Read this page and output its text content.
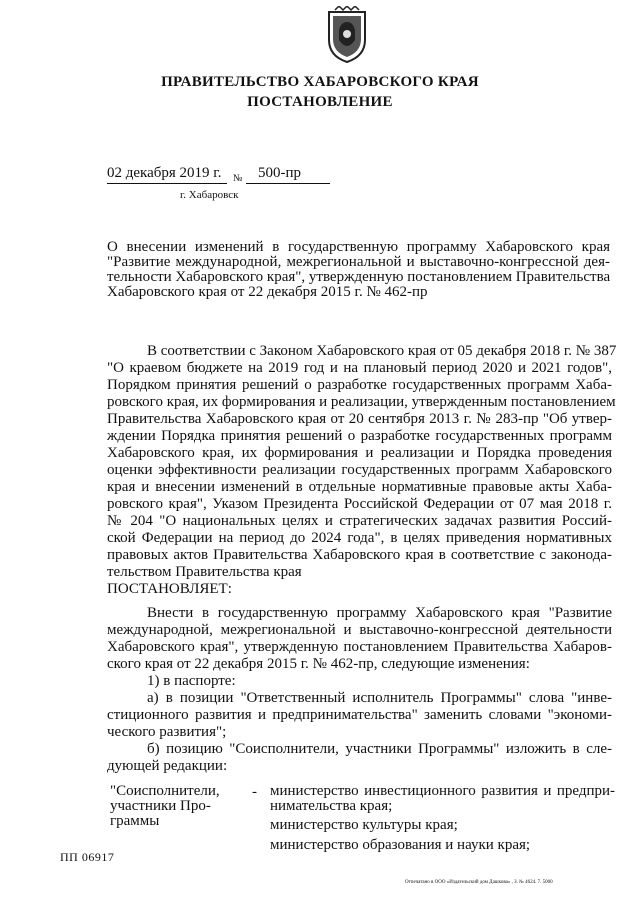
ПРАВИТЕЛЬСТВО ХАБАРОВСКОГО КРАЯ
ПОСТАНОВЛЕНИЕ
02 декабря 2019 г. № 500-пр
г. Хабаровск
О внесении изменений в государственную программу Хабаровского края
"Развитие международной, межрегиональной и выставочно-конгрессной дея-
тельности Хабаровского края", утвержденную постановлением Правительства
Хабаровского края от 22 декабря 2015 г. № 462-пр
В соответствии с Законом Хабаровского края от 05 декабря 2018 г. № 387
"О краевом бюджете на 2019 год и на плановый период 2020 и 2021 годов",
Порядком принятия решений о разработке государственных программ Хаба-
ровского края, их формирования и реализации, утвержденным постановлением
Правительства Хабаровского края от 20 сентября 2013 г. № 283-пр "Об утвер-
ждении Порядка принятия решений о разработке государственных программ
Хабаровского края, их формирования и реализации и Порядка проведения
оценки эффективности реализации государственных программ Хабаровского
края и внесении изменений в отдельные нормативные правовые акты Хаба-
ровского края", Указом Президента Российской Федерации от 07 мая 2018 г.
№ 204 "О национальных целях и стратегических задачах развития Россий-
ской Федерации на период до 2024 года", в целях приведения нормативных
правовых актов Правительства Хабаровского края в соответствие с законода-
тельством Правительства края
ПОСТАНОВЛЯЕТ:
Внести в государственную программу Хабаровского края "Развитие
международной, межрегиональной и выставочно-конгрессной деятельности
Хабаровского края", утвержденную постановлением Правительства Хабаров-
ского края от 22 декабря 2015 г. № 462-пр, следующие изменения:
1) в паспорте:
а) в позиции "Ответственный исполнитель Программы" слова "инве-
стиционного развития и предпринимательства" заменить словами "экономи-
ческого развития";
б) позицию "Соисполнители, участники Программы" изложить в сле-
дующей редакции:
"Соисполнители,
участники Про-
граммы
- министерство инвестиционного развития и предпри-
нимательства края;
министерство культуры края;
министерство образования и науки края;
ПП 06917
Отпечатано в ООО «Издательский дом Дашкова» , З. № 4624. 7. 5000
